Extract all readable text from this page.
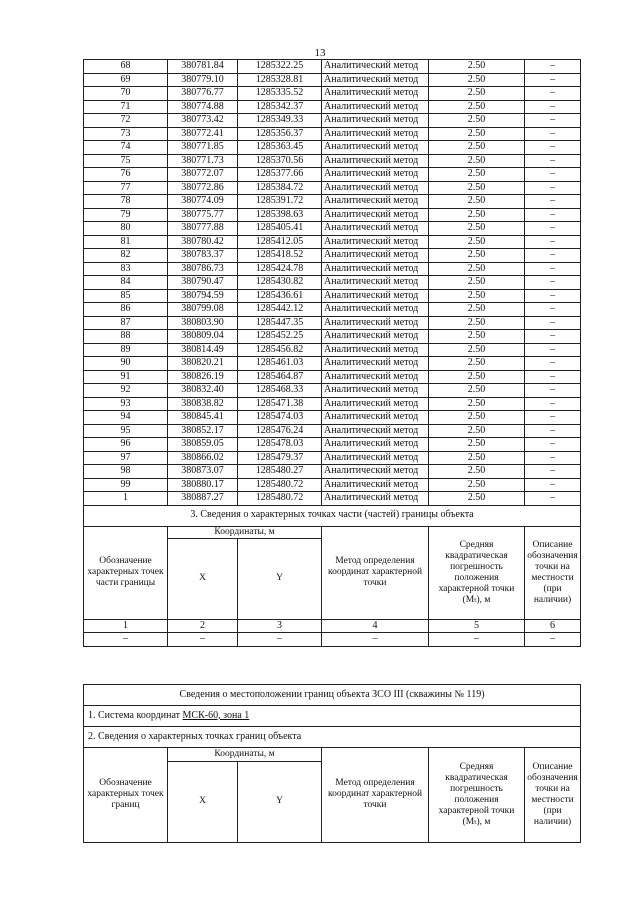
13
68	380781.84	1285322.25	Аналитический метод	2.50	–
69	380779.10	1285328.81	Аналитический метод	2.50	–
70	380776.77	1285335.52	Аналитический метод	2.50	–
71	380774.88	1285342.37	Аналитический метод	2.50	–
72	380773.42	1285349.33	Аналитический метод	2.50	–
73	380772.41	1285356.37	Аналитический метод	2.50	–
74	380771.85	1285363.45	Аналитический метод	2.50	–
75	380771.73	1285370.56	Аналитический метод	2.50	–
76	380772.07	1285377.66	Аналитический метод	2.50	–
77	380772.86	1285384.72	Аналитический метод	2.50	–
78	380774.09	1285391.72	Аналитический метод	2.50	–
79	380775.77	1285398.63	Аналитический метод	2.50	–
80	380777.88	1285405.41	Аналитический метод	2.50	–
81	380780.42	1285412.05	Аналитический метод	2.50	–
82	380783.37	1285418.52	Аналитический метод	2.50	–
83	380786.73	1285424.78	Аналитический метод	2.50	–
84	380790.47	1285430.82	Аналитический метод	2.50	–
85	380794.59	1285436.61	Аналитический метод	2.50	–
86	380799.08	1285442.12	Аналитический метод	2.50	–
87	380803.90	1285447.35	Аналитический метод	2.50	–
88	380809.04	1285452.25	Аналитический метод	2.50	–
89	380814.49	1285456.82	Аналитический метод	2.50	–
90	380820.21	1285461.03	Аналитический метод	2.50	–
91	380826.19	1285464.87	Аналитический метод	2.50	–
92	380832.40	1285468.33	Аналитический метод	2.50	–
93	380838.82	1285471.38	Аналитический метод	2.50	–
94	380845.41	1285474.03	Аналитический метод	2.50	–
95	380852.17	1285476.24	Аналитический метод	2.50	–
96	380859.05	1285478.03	Аналитический метод	2.50	–
97	380866.02	1285479.37	Аналитический метод	2.50	–
98	380873.07	1285480.27	Аналитический метод	2.50	–
99	380880.17	1285480.72	Аналитический метод	2.50	–
1	380887.27	1285480.72	Аналитический метод	2.50	–
3. Сведения о характерных точках части (частей) границы объекта					
Обозначение характерных точек части границы	Координаты, м		Метод определения координат характерной точки	Средняя квадратическая погрешность положения характерной точки (Mₜ), м	Описание обозначения точки на местности (при наличии)
	X	Y			
1	2	3	4	5	6
–	–	–	–	–	–
Сведения о местоположении границ объекта ЗСО III (скважины № 119)					
1. Система координат МСК-60, зона 1					
2. Сведения о характерных точках границ объекта					
Обозначение характерных точек границ	Координаты, м		Метод определения координат характерной точки	Средняя квадратическая погрешность положения характерной точки (Mₜ), м	Описание обозначения точки на местности (при наличии)
	X	Y			
